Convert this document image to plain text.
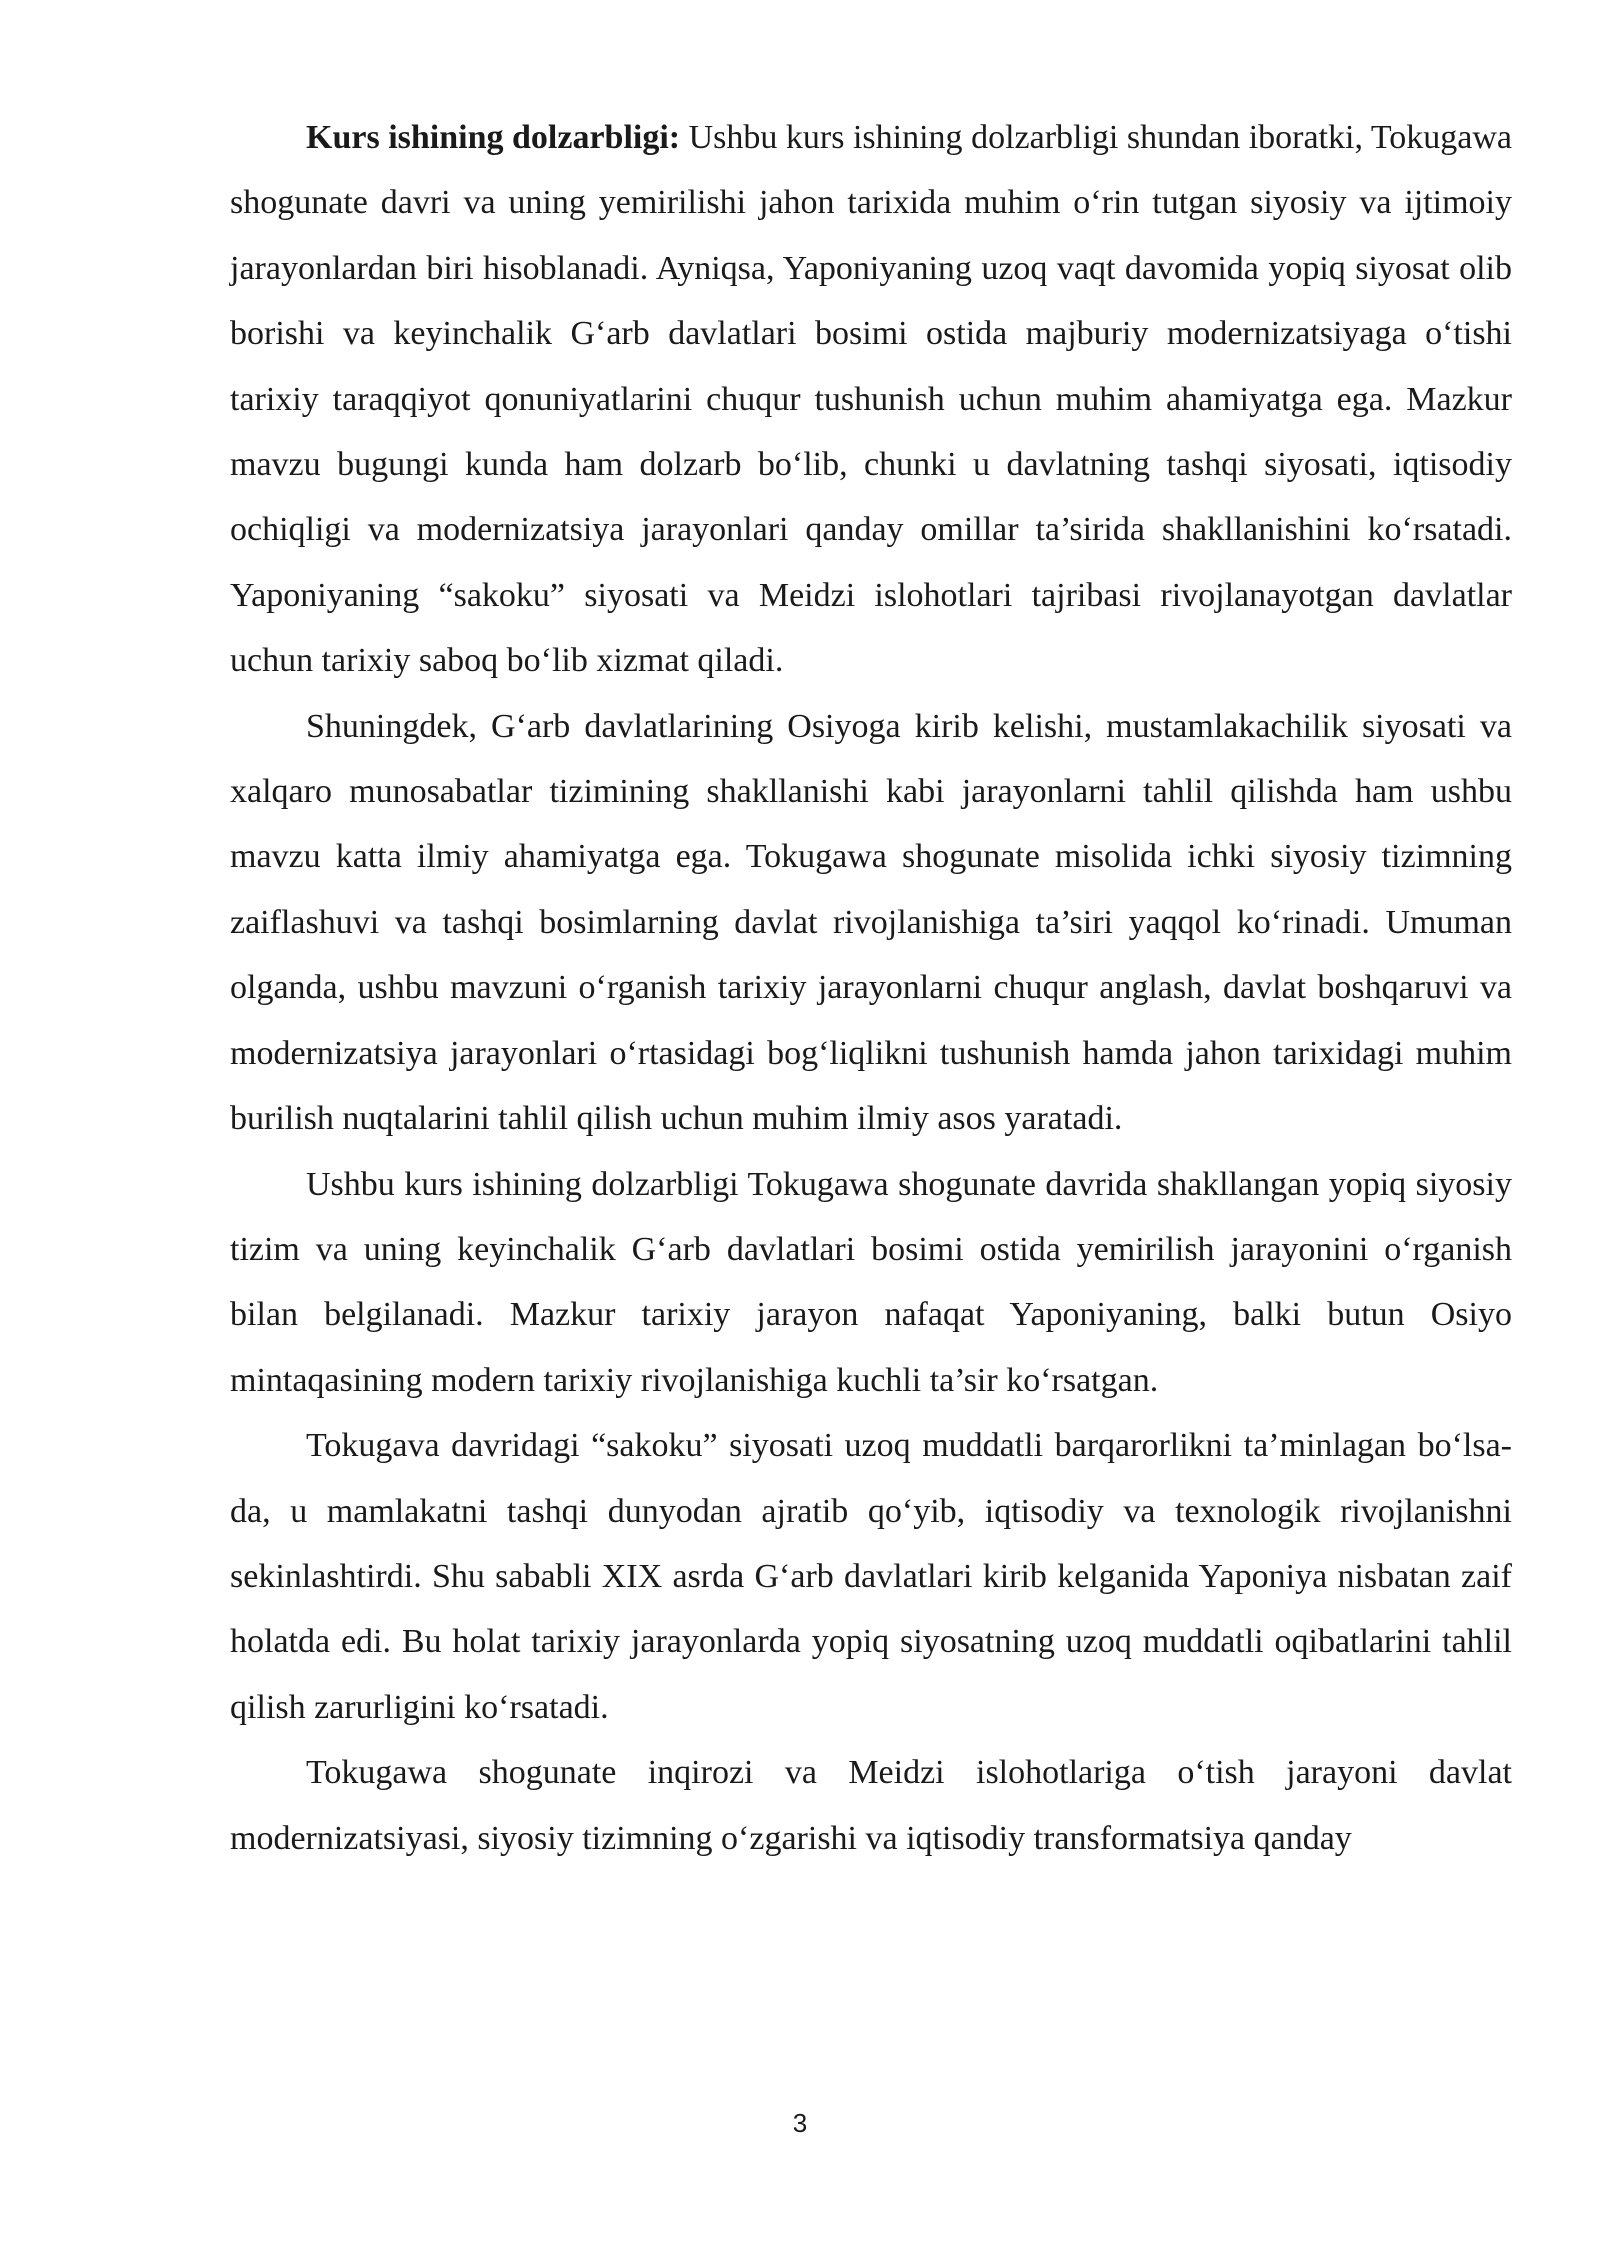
Kurs ishining dolzarbligi: Ushbu kurs ishining dolzarbligi shundan iboratki, Tokugawa shogunate davri va uning yemirilishi jahon tarixida muhim o‘rin tutgan siyosiy va ijtimoiy jarayonlardan biri hisoblanadi. Ayniqsa, Yaponiyaning uzoq vaqt davomida yopiq siyosat olib borishi va keyinchalik G‘arb davlatlari bosimi ostida majburiy modernizatsiyaga o‘tishi tarixiy taraqqiyot qonuniyatlarini chuqur tushunish uchun muhim ahamiyatga ega. Mazkur mavzu bugungi kunda ham dolzarb bo‘lib, chunki u davlatning tashqi siyosati, iqtisodiy ochiqligi va modernizatsiya jarayonlari qanday omillar ta’sirida shakllanishini ko‘rsatadi. Yaponiyaning “sakoku” siyosati va Meidzi islohotlari tajribasi rivojlanayotgan davlatlar uchun tarixiy saboq bo‘lib xizmat qiladi.

Shuningdek, G‘arb davlatlarining Osiyoga kirib kelishi, mustamlakachilik siyosati va xalqaro munosabatlar tizimining shakllanishi kabi jarayonlarni tahlil qilishda ham ushbu mavzu katta ilmiy ahamiyatga ega. Tokugawa shogunate misolida ichki siyosiy tizimning zaiflashuvi va tashqi bosimlarning davlat rivojlanishiga ta’siri yaqqol ko‘rinadi. Umuman olganda, ushbu mavzuni o‘rganish tarixiy jarayonlarni chuqur anglash, davlat boshqaruvi va modernizatsiya jarayonlari o‘rtasidagi bog‘liqlikni tushunish hamda jahon tarixidagi muhim burilish nuqtalarini tahlil qilish uchun muhim ilmiy asos yaratadi.

Ushbu kurs ishining dolzarbligi Tokugawa shogunate davrida shakllangan yopiq siyosiy tizim va uning keyinchalik G‘arb davlatlari bosimi ostida yemirilish jarayonini o‘rganish bilan belgilanadi. Mazkur tarixiy jarayon nafaqat Yaponiyaning, balki butun Osiyo mintaqasining modern tarixiy rivojlanishiga kuchli ta’sir ko‘rsatgan.

Tokugava davridagi “sakoku” siyosati uzoq muddatli barqarorlikni ta’minlagan bo‘lsa-da, u mamlakatni tashqi dunyodan ajratib qo‘yib, iqtisodiy va texnologik rivojlanishni sekinlashtirdi. Shu sababli XIX asrda G‘arb davlatlari kirib kelganida Yaponiya nisbatan zaif holatda edi. Bu holat tarixiy jarayonlarda yopiq siyosatning uzoq muddatli oqibatlarini tahlil qilish zarurligini ko‘rsatadi.

Tokugawa shogunate inqirozi va Meidzi islohotlariga o‘tish jarayoni davlat modernizatsiyasi, siyosiy tizimning o‘zgarishi va iqtisodiy transformatsiya qanday

3
